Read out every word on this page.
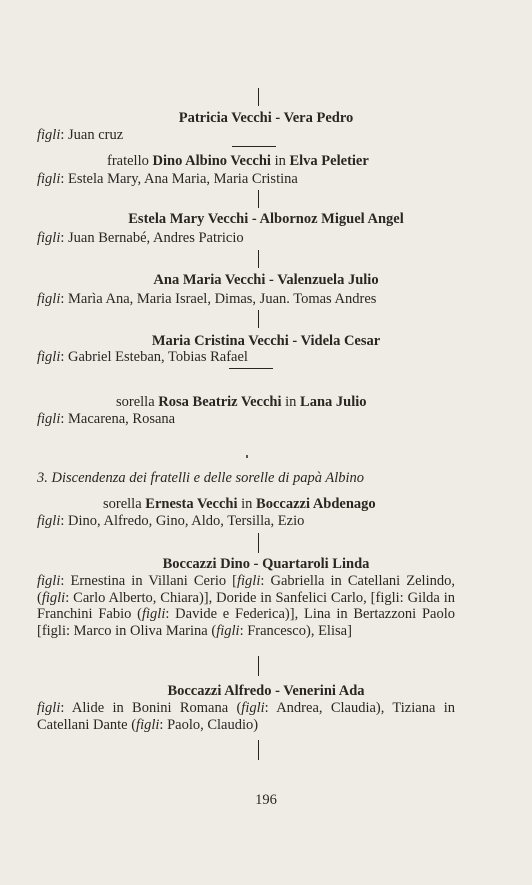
Patricia Vecchi - Vera Pedro
figli: Juan cruz
fratello Dino Albino Vecchi in Elva Peletier
figli: Estela Mary, Ana Maria, Maria Cristina
Estela Mary Vecchi - Albornoz Miguel Angel
figli: Juan Bernabé, Andres Patricio
Ana Maria Vecchi - Valenzuela Julio
figli: Marìa Ana, Maria Israel, Dimas, Juan. Tomas Andres
Maria Cristina Vecchi - Videla Cesar
figli: Gabriel Esteban, Tobias Rafael
sorella Rosa Beatriz Vecchi in Lana Julio
figli: Macarena, Rosana
3. Discendenza dei fratelli e delle sorelle di papà Albino
sorella Ernesta Vecchi in Boccazzi Abdenago
figli: Dino, Alfredo, Gino, Aldo, Tersilla, Ezio
Boccazzi Dino - Quartaroli Linda
figli: Ernestina in Villani Cerio [figli: Gabriella in Catellani Zelindo, (figli: Carlo Alberto, Chiara)], Doride in Sanfelici Carlo, [figli: Gilda in Franchini Fabio (figli: Davide e Federica)], Lina in Bertazzoni Paolo [figli: Marco in Oliva Marina (figli: Francesco), Elisa]
Boccazzi Alfredo - Venerini Ada
figli: Alide in Bonini Romana (figli: Andrea, Claudia), Tiziana in Catellani Dante (figli: Paolo, Claudio)
196
